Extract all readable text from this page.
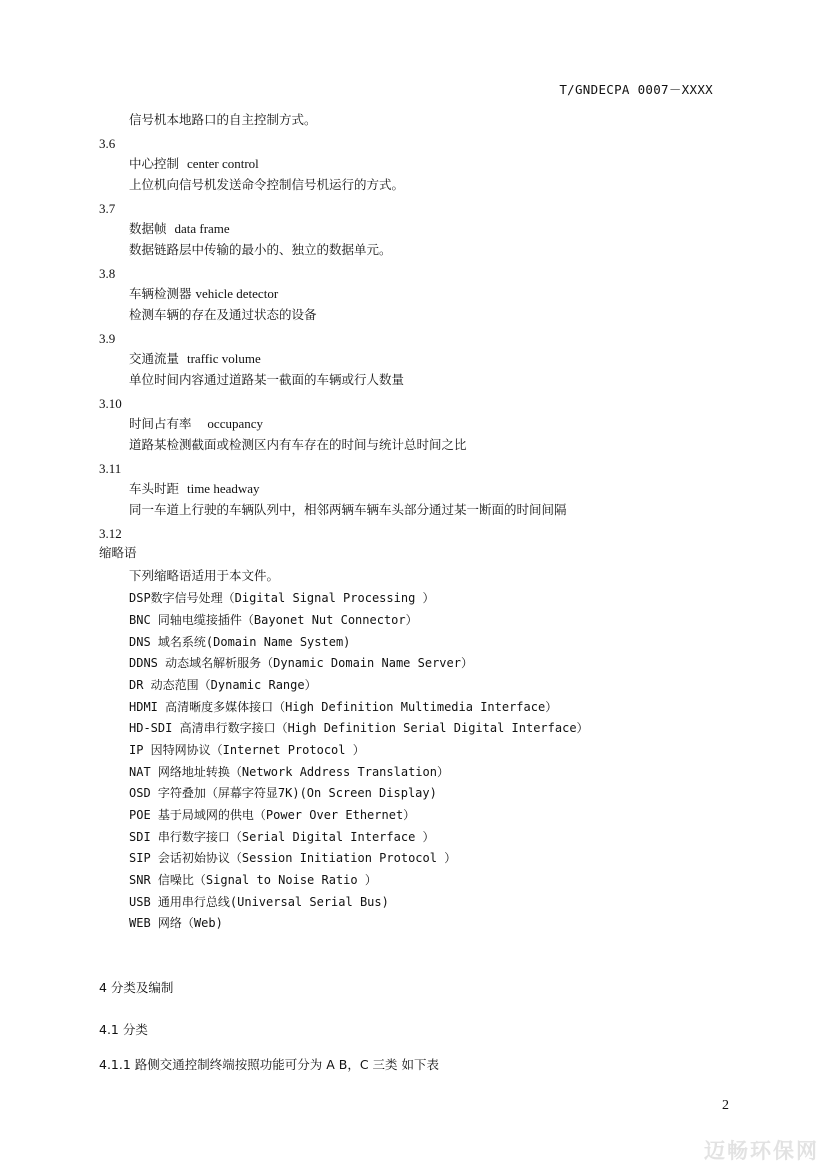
T/GNDECPA 0007－XXXX
信号机本地路口的自主控制方式。
3.6
中心控制 center control
上位机向信号机发送命令控制信号机运行的方式。
3.7
数据帧 data frame
数据链路层中传输的最小的、独立的数据单元。
3.8
车辆检测器 vehicle detector
检测车辆的存在及通过状态的设备
3.9
交通流量 traffic volume
单位时间内容通过道路某一截面的车辆或行人数量
3.10
时间占有率 occupancy
道路某检测截面或检测区内有车存在的时间与统计总时间之比
3.11
车头时距 time headway
同一车道上行驶的车辆队列中，相邻两辆车辆车头部分通过某一断面的时间间隔
3.12
缩略语
下列缩略语适用于本文件。
DSP数字信号处理（Digital Signal Processing ）
BNC 同轴电缆接插件（Bayonet Nut Connector）
DNS 域名系统(Domain Name System)
DDNS 动态域名解析服务（Dynamic Domain Name Server）
DR 动态范围（Dynamic Range）
HDMI 高清晰度多媒体接口（High Definition Multimedia Interface）
HD-SDI 高清串行数字接口（High Definition Serial Digital Interface）
IP 因特网协议（Internet Protocol ）
NAT 网络地址转换（Network Address Translation）
OSD 字符叠加（屏幕字符显7K)(On Screen Display)
POE 基于局域网的供电（Power Over Ethernet）
SDI 串行数字接口（Serial Digital Interface ）
SIP 会话初始协议（Session Initiation Protocol ）
SNR 信噪比（Signal to Noise Ratio ）
USB 通用串行总线(Universal Serial Bus)
WEB 网络（Web)
4 分类及编制
4.1 分类
4.1.1 路侧交通控制终端按照功能可分为 A B，C 三类 如下表
2
迈畅环保网
